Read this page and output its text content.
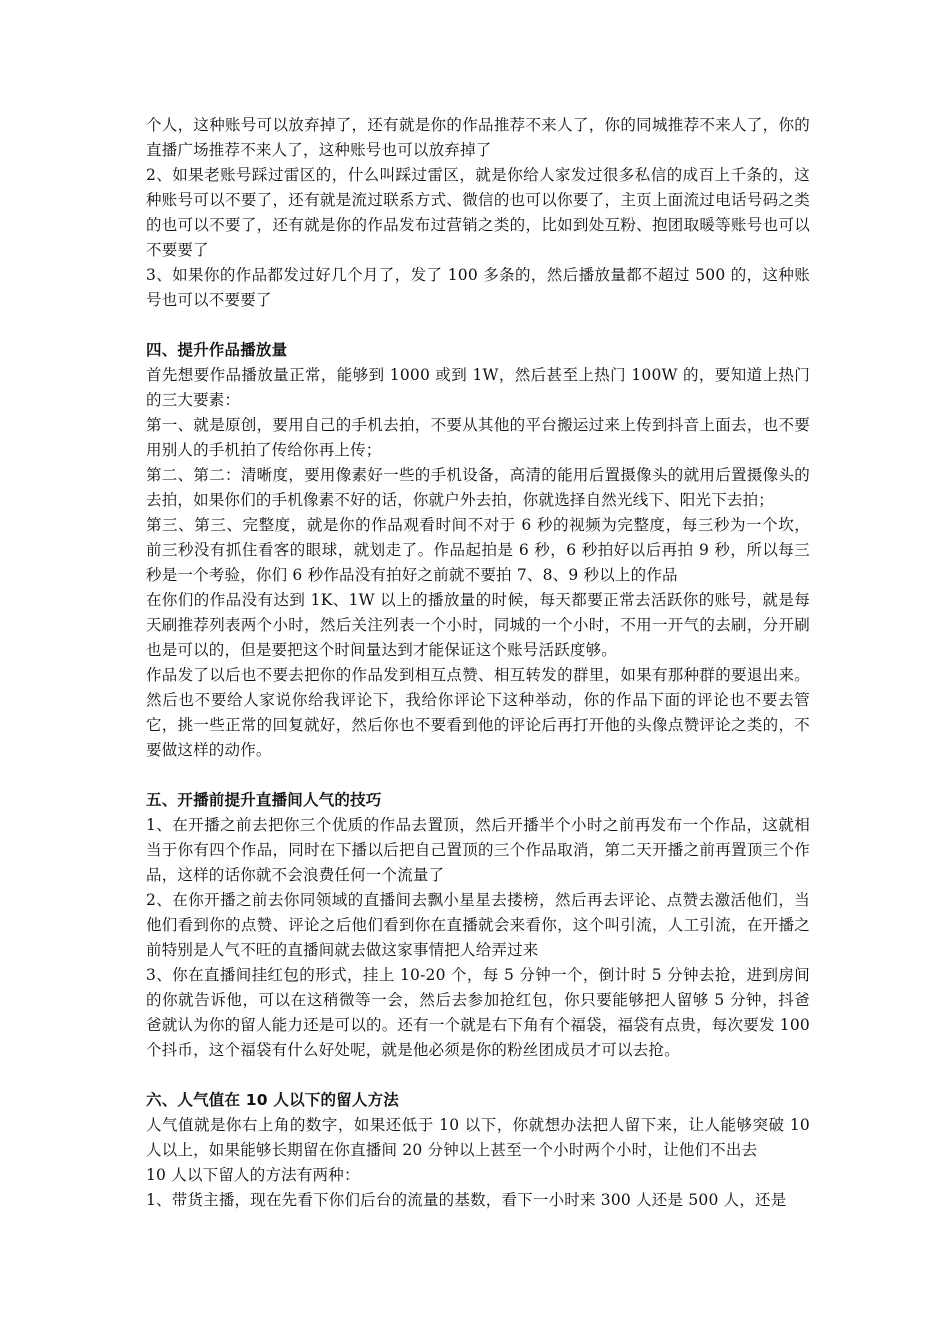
个人，这种账号可以放弃掉了，还有就是你的作品推荐不来人了，你的同城推荐不来人了，你的直播广场推荐不来人了，这种账号也可以放弃掉了

2、如果老账号踩过雷区的，什么叫踩过雷区，就是你给人家发过很多私信的成百上千条的，这种账号可以不要了，还有就是流过联系方式、微信的也可以你要了，主页上面流过电话号码之类的也可以不要了，还有就是你的作品发布过营销之类的，比如到处互粉、抱团取暖等账号也可以不要要了

3、如果你的作品都发过好几个月了，发了 100 多条的，然后播放量都不超过 500 的，这种账号也可以不要要了

四、提升作品播放量

首先想要作品播放量正常，能够到 1000 或到 1W，然后甚至上热门 100W 的，要知道上热门的三大要素：

第一、就是原创，要用自己的手机去拍，不要从其他的平台搬运过来上传到抖音上面去，也不要用别人的手机拍了传给你再上传；

第二、第二：清晰度，要用像素好一些的手机设备，高清的能用后置摄像头的就用后置摄像头的去拍，如果你们的手机像素不好的话，你就户外去拍，你就选择自然光线下、阳光下去拍；

第三、第三、完整度，就是你的作品观看时间不对于 6 秒的视频为完整度，每三秒为一个坎，前三秒没有抓住看客的眼球，就划走了。作品起拍是 6 秒，6 秒拍好以后再拍 9 秒，所以每三秒是一个考验，你们 6 秒作品没有拍好之前就不要拍 7、8、9 秒以上的作品

在你们的作品没有达到 1K、1W 以上的播放量的时候，每天都要正常去活跃你的账号，就是每天刷推荐列表两个小时，然后关注列表一个小时，同城的一个小时，不用一开气的去刷，分开刷也是可以的，但是要把这个时间量达到才能保证这个账号活跃度够。

作品发了以后也不要去把你的作品发到相互点赞、相互转发的群里，如果有那种群的要退出来。然后也不要给人家说你给我评论下，我给你评论下这种举动，你的作品下面的评论也不要去管它，挑一些正常的回复就好，然后你也不要看到他的评论后再打开他的头像点赞评论之类的，不要做这样的动作。

五、开播前提升直播间人气的技巧

1、在开播之前去把你三个优质的作品去置顶，然后开播半个小时之前再发布一个作品，这就相当于你有四个作品，同时在下播以后把自己置顶的三个作品取消，第二天开播之前再置顶三个作品，这样的话你就不会浪费任何一个流量了

2、在你开播之前去你同领域的直播间去飘小星星去搂榜，然后再去评论、点赞去激活他们，当他们看到你的点赞、评论之后他们看到你在直播就会来看你，这个叫引流，人工引流，在开播之前特别是人气不旺的直播间就去做这家事情把人给弄过来

3、你在直播间挂红包的形式，挂上 10-20 个，每 5 分钟一个，倒计时 5 分钟去抢，进到房间的你就告诉他，可以在这稍微等一会，然后去参加抢红包，你只要能够把人留够 5 分钟，抖爸爸就认为你的留人能力还是可以的。还有一个就是右下角有个福袋，福袋有点贵，每次要发 100 个抖币，这个福袋有什么好处呢，就是他必须是你的粉丝团成员才可以去抢。

六、人气值在 10 人以下的留人方法

人气值就是你右上角的数字，如果还低于 10 以下，你就想办法把人留下来，让人能够突破 10 人以上，如果能够长期留在你直播间 20 分钟以上甚至一个小时两个小时，让他们不出去

10 人以下留人的方法有两种：

1、带货主播，现在先看下你们后台的流量的基数，看下一小时来 300 人还是 500 人，还是
